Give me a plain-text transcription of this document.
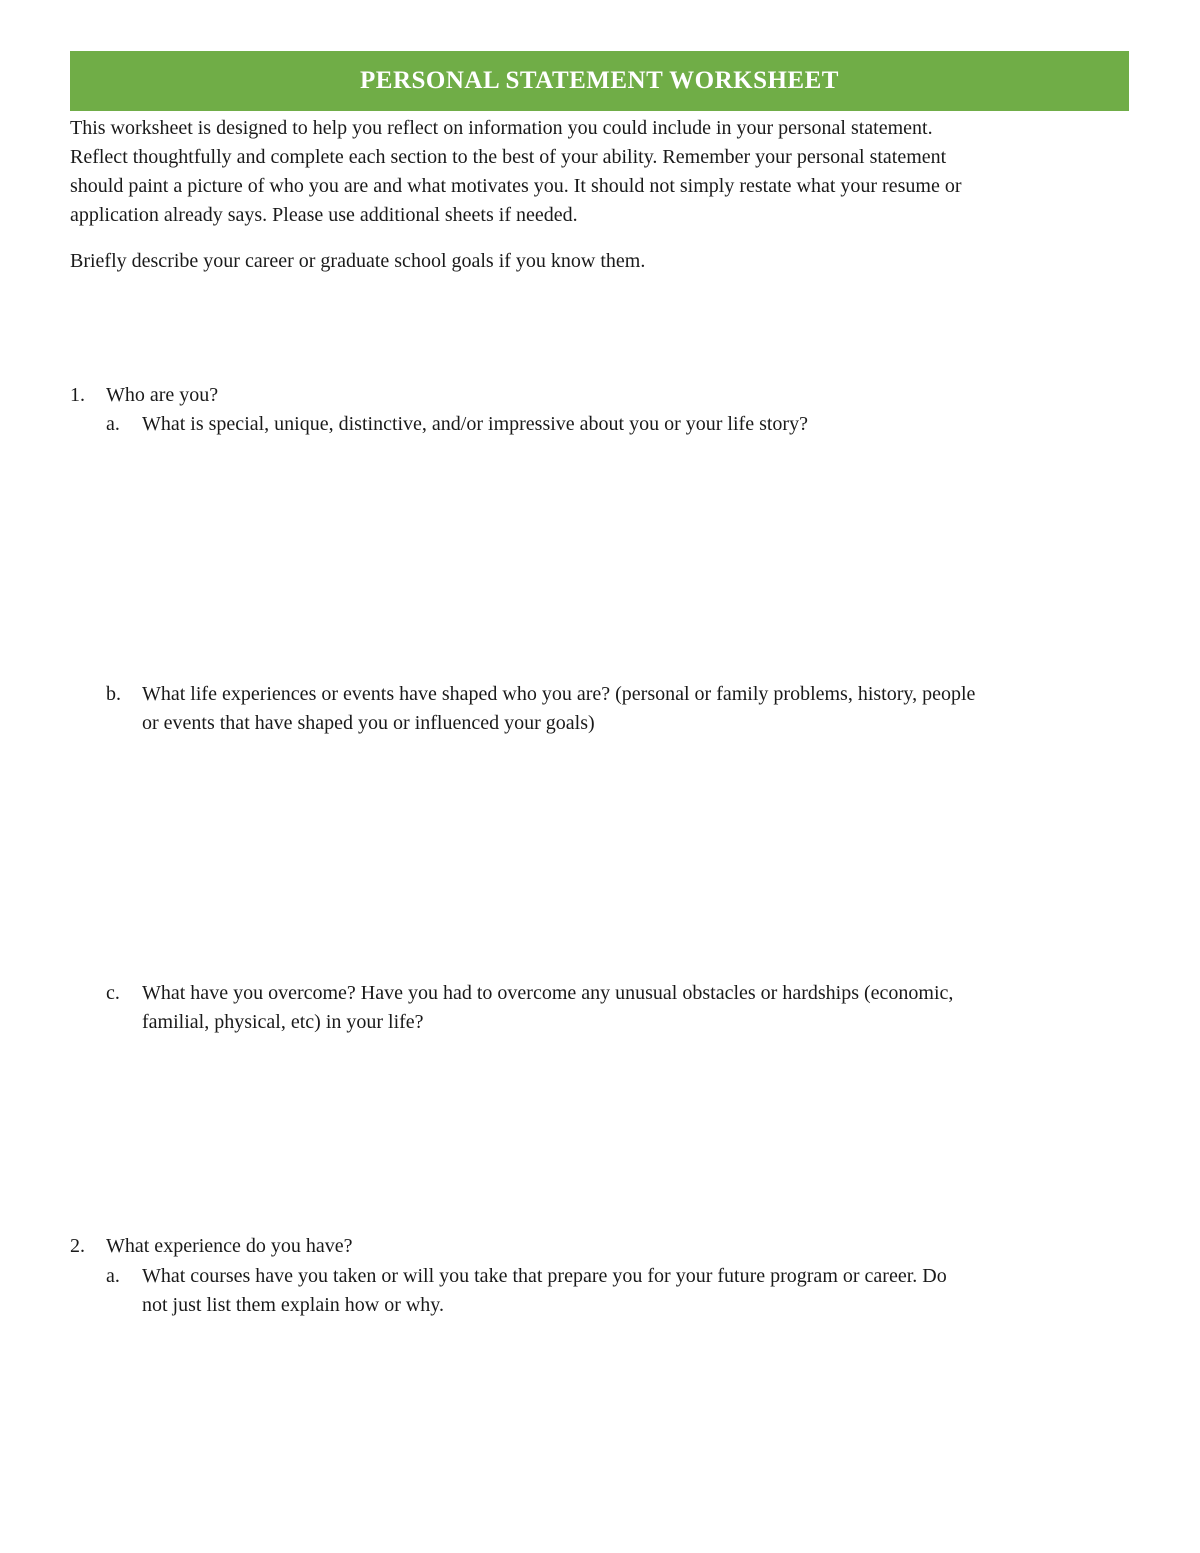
PERSONAL STATEMENT WORKSHEET
This worksheet is designed to help you reflect on information you could include in your personal statement.
Reflect thoughtfully and complete each section to the best of your ability. Remember your personal statement
should paint a picture of who you are and what motivates you. It should not simply restate what your resume or
application already says. Please use additional sheets if needed.
Briefly describe your career or graduate school goals if you know them.
1. Who are you?
a. What is special, unique, distinctive, and/or impressive about you or your life story?
b. What life experiences or events have shaped who you are? (personal or family problems, history, people
or events that have shaped you or influenced your goals)
c. What have you overcome? Have you had to overcome any unusual obstacles or hardships (economic,
familial, physical, etc) in your life?
2. What experience do you have?
a. What courses have you taken or will you take that prepare you for your future program or career. Do
not just list them explain how or why.
